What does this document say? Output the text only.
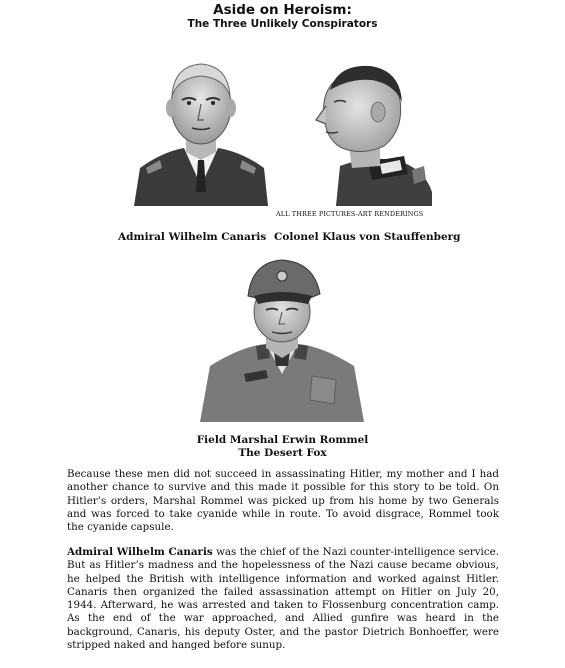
Aside on Heroism:
The Three Unlikely Conspirators
ALL THREE PICTURES-ART RENDERINGS
Admiral Wilhelm Canaris Colonel Klaus von Stauffenberg
Field Marshal Erwin Rommel
The Desert Fox

Because these men did not succeed in assassinating Hitler, my mother and I had another chance to survive and this made it possible for this story to be told. On Hitler’s orders, Marshal Rommel was picked up from his home by two Generals and was forced to take cyanide while in route. To avoid disgrace, Rommel took the cyanide capsule.

Admiral Wilhelm Canaris was the chief of the Nazi counter-intelligence service. But as Hitler’s madness and the hopelessness of the Nazi cause became obvious, he helped the British with intelligence information and worked against Hitler. Canaris then organized the failed assassination attempt on Hitler on July 20, 1944. Afterward, he was arrested and taken to Flossenburg concentration camp. As the end of the war approached, and Allied gunfire was heard in the background, Canaris, his deputy Oster, and the pastor Dietrich Bonhoeffer, were stripped naked and hanged before sunup.
